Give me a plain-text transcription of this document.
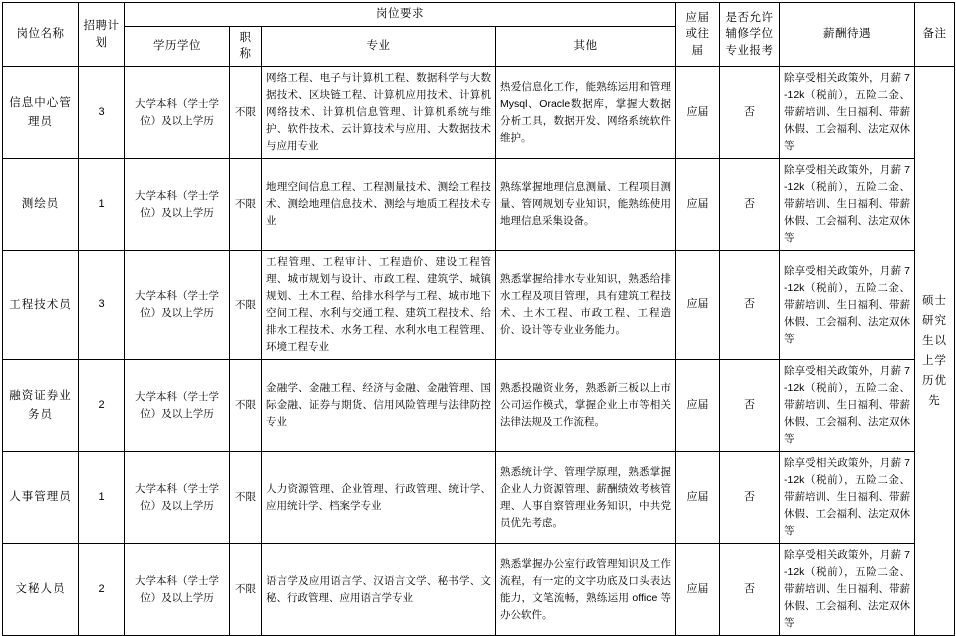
岗位名称	招聘计划	岗位要求				应届或往届	是否允许辅修学位专业报考	薪酬待遇	备注
		学历学位	职称	专业	其他				
信息中心管理员	3	大学本科（学士学位）及以上学历	不限	网络工程、电子与计算机工程、数据科学与大数据技术、区块链工程、计算机应用技术、计算机网络技术、计算机信息管理、计算机系统与维护、软件技术、云计算技术与应用、大数据技术与应用专业	热爱信息化工作，能熟练运用和管理Mysql、Oracle数据库，掌握大数据分析工具，数据开发、网络系统软件维护。	应届	否	除享受相关政策外，月薪 7-12k（税前），五险二金、带薪培训、生日福利、带薪休假、工会福利、法定双休等	硕士研究生以上学历优先
测绘员	1	大学本科（学士学位）及以上学历	不限	地理空间信息工程、工程测量技术、测绘工程技术、测绘地理信息技术、测绘与地质工程技术专业	熟练掌握地理信息测量、工程项目测量、管网规划专业知识，能熟练使用地理信息采集设备。	应届	否	除享受相关政策外，月薪 7-12k（税前），五险二金、带薪培训、生日福利、带薪休假、工会福利、法定双休等	
工程技术员	3	大学本科（学士学位）及以上学历	不限	工程管理、工程审计、工程造价、建设工程管理、城市规划与设计、市政工程、建筑学、城镇规划、土木工程、给排水科学与工程、城市地下空间工程、水利与交通工程、建筑工程技术、给排水工程技术、水务工程、水利水电工程管理、环境工程专业	熟悉掌握给排水专业知识，熟悉给排水工程及项目管理，具有建筑工程技术、土木工程、市政工程、工程造价、设计等专业业务能力。	应届	否	除享受相关政策外，月薪 7-12k（税前），五险二金、带薪培训、生日福利、带薪休假、工会福利、法定双休等	
融资证券业务员	2	大学本科（学士学位）及以上学历	不限	金融学、金融工程、经济与金融、金融管理、国际金融、证券与期货、信用风险管理与法律防控专业	熟悉投融资业务，熟悉新三板以上市公司运作模式，掌握企业上市等相关法律法规及工作流程。	应届	否	除享受相关政策外，月薪 7-12k（税前），五险二金、带薪培训、生日福利、带薪休假、工会福利、法定双休等	
人事管理员	1	大学本科（学士学位）及以上学历	不限	人力资源管理、企业管理、行政管理、统计学、应用统计学、档案学专业	熟悉统计学、管理学原理，熟悉掌握企业人力资源管理、薪酬绩效考核管理、人事自察管理业务知识，中共党员优先考虑。	应届	否	除享受相关政策外，月薪 7-12k（税前），五险二金、带薪培训、生日福利、带薪休假、工会福利、法定双休等	
文秘人员	2	大学本科（学士学位）及以上学历	不限	语言学及应用语言学、汉语言文学、秘书学、文秘、行政管理、应用语言学专业	熟悉掌握办公室行政管理知识及工作流程，有一定的文字功底及口头表达能力，文笔流畅，熟练运用 office 等办公软件。	应届	否	除享受相关政策外，月薪 7-12k（税前），五险二金、带薪培训、生日福利、带薪休假、工会福利、法定双休等	
